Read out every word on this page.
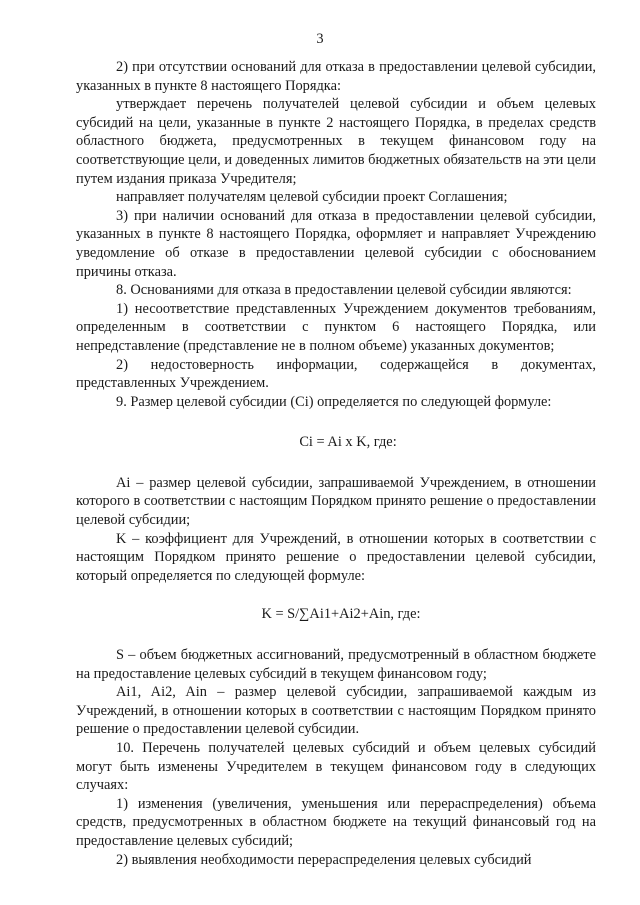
3

2) при отсутствии оснований для отказа в предоставлении целевой субсидии, указанных в пункте 8 настоящего Порядка:

утверждает перечень получателей целевой субсидии и объем целевых субсидий на цели, указанные в пункте 2 настоящего Порядка, в пределах средств областного бюджета, предусмотренных в текущем финансовом году на соответствующие цели, и доведенных лимитов бюджетных обязательств на эти цели путем издания приказа Учредителя;

направляет получателям целевой субсидии проект Соглашения;

3) при наличии оснований для отказа в предоставлении целевой субсидии, указанных в пункте 8 настоящего Порядка, оформляет и направляет Учреждению уведомление об отказе в предоставлении целевой субсидии с обоснованием причины отказа.

8. Основаниями для отказа в предоставлении целевой субсидии являются:

1) несоответствие представленных Учреждением документов требованиям, определенным в соответствии с пунктом 6 настоящего Порядка, или непредставление (представление не в полном объеме) указанных документов;

2) недостоверность информации, содержащейся в документах, представленных Учреждением.

9. Размер целевой субсидии (Ci) определяется по следующей формуле:

Ci = Ai x K, где:

Ai – размер целевой субсидии, запрашиваемой Учреждением, в отношении которого в соответствии с настоящим Порядком принято решение о предоставлении целевой субсидии;

K – коэффициент для Учреждений, в отношении которых в соответствии с настоящим Порядком принято решение о предоставлении целевой субсидии, который определяется по следующей формуле:

K = S/∑Ai1+Ai2+Ain, где:

S – объем бюджетных ассигнований, предусмотренный в областном бюджете на предоставление целевых субсидий в текущем финансовом году;

Ai1, Ai2, Ain – размер целевой субсидии, запрашиваемой каждым из Учреждений, в отношении которых в соответствии с настоящим Порядком принято решение о предоставлении целевой субсидии.

10. Перечень получателей целевых субсидий и объем целевых субсидий могут быть изменены Учредителем в текущем финансовом году в следующих случаях:

1) изменения (увеличения, уменьшения или перераспределения) объема средств, предусмотренных в областном бюджете на текущий финансовый год на предоставление целевых субсидий;

2) выявления необходимости перераспределения целевых субсидий
